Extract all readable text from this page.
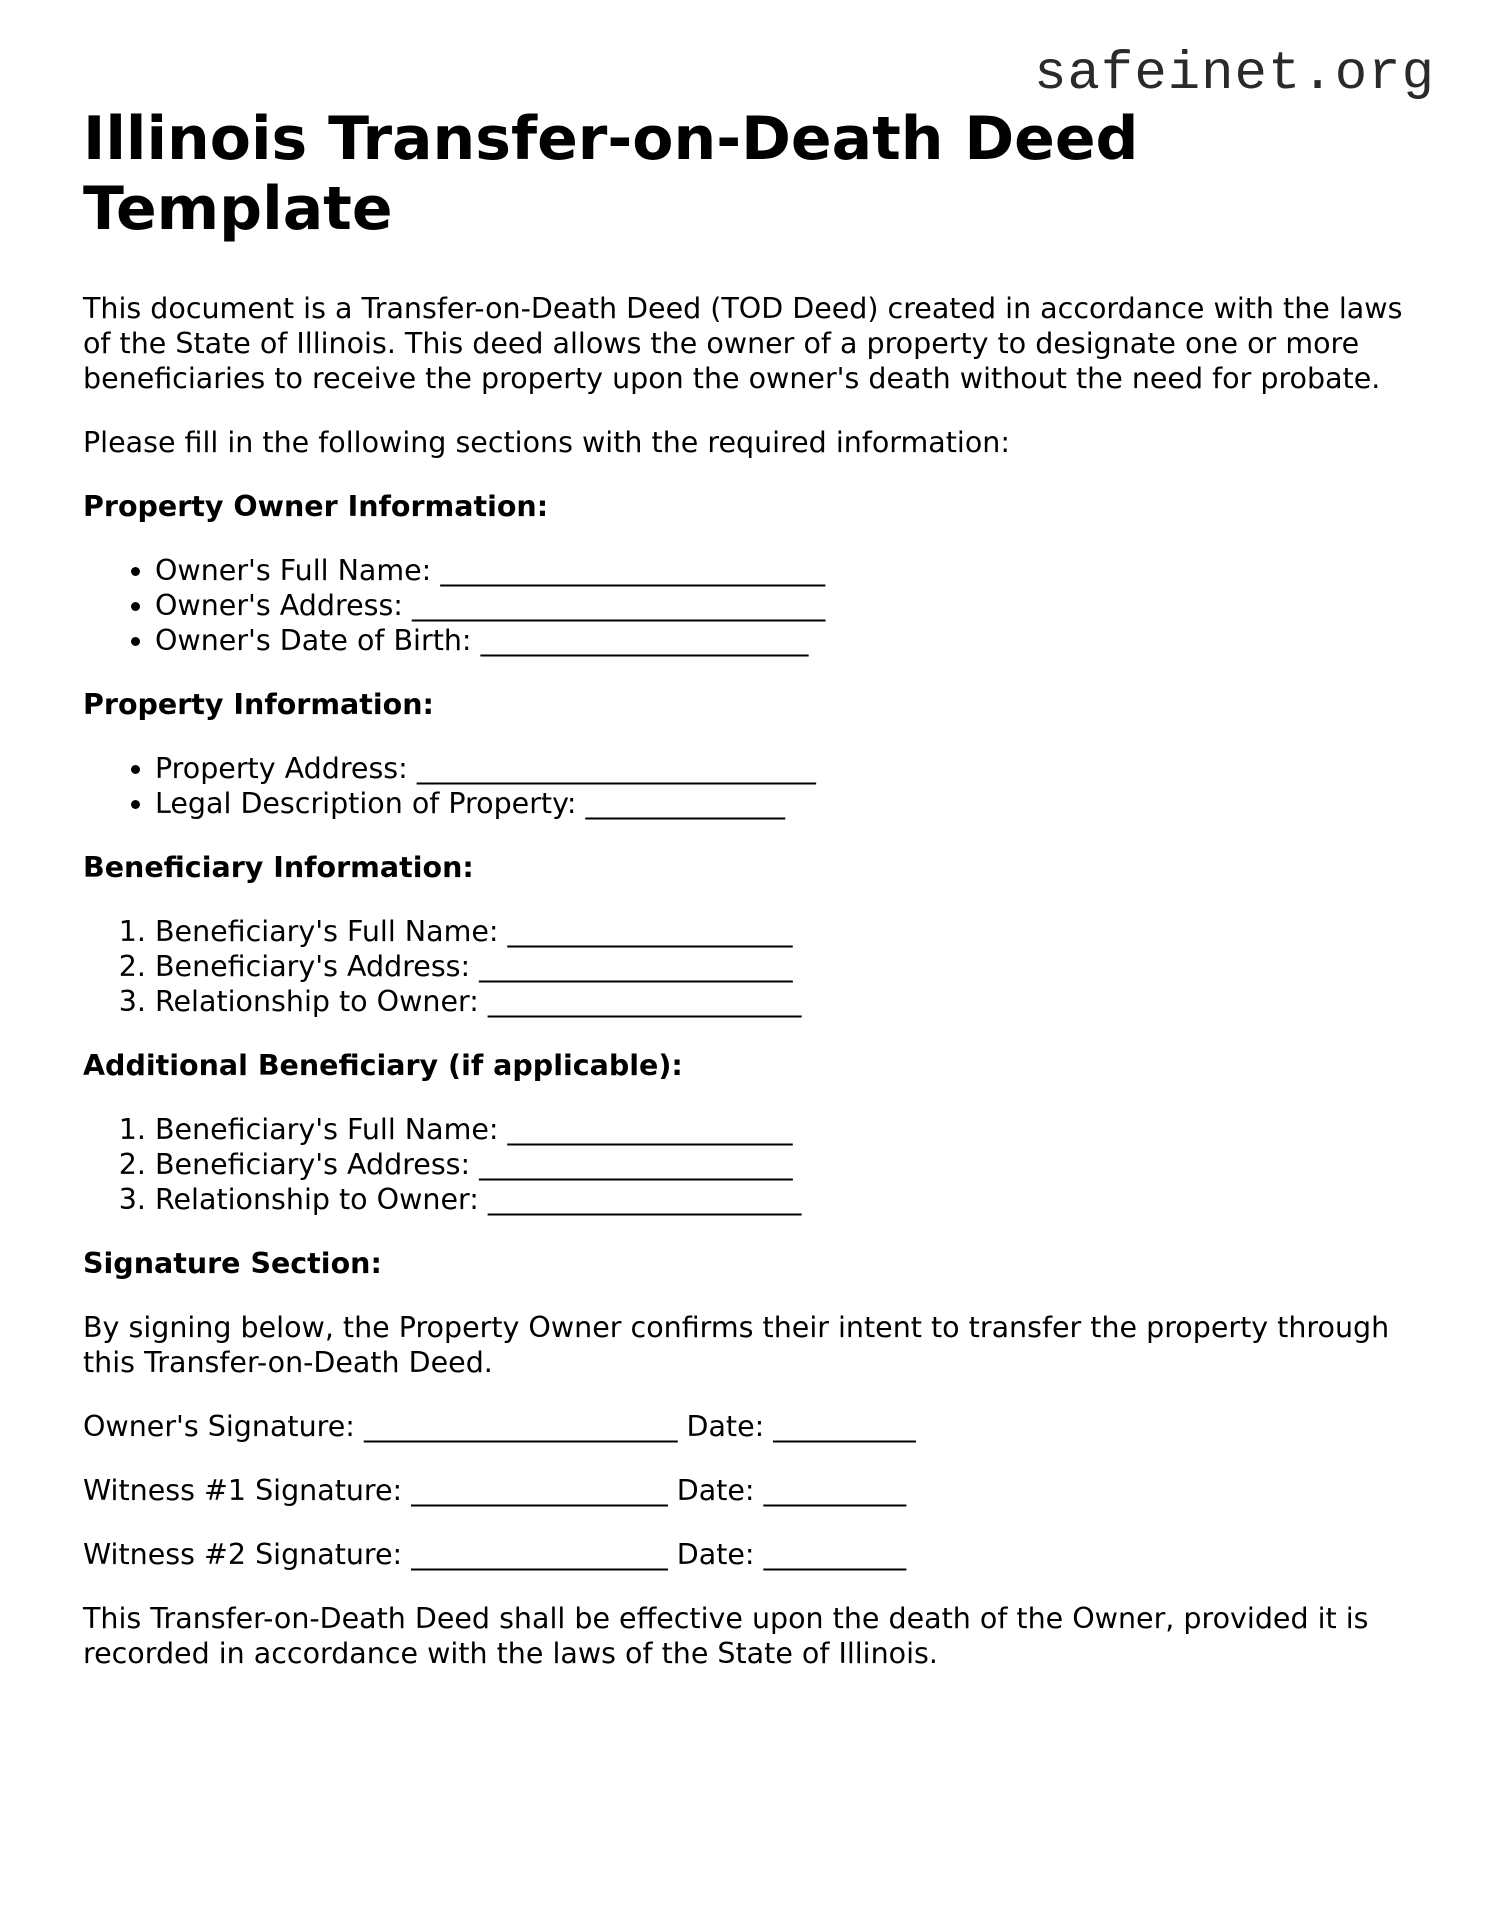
safeinet.org
Illinois Transfer-on-Death Deed Template

This document is a Transfer-on-Death Deed (TOD Deed) created in accordance with the laws of the State of Illinois. This deed allows the owner of a property to designate one or more beneficiaries to receive the property upon the owner's death without the need for probate.

Please fill in the following sections with the required information:

Property Owner Information:
• Owner's Full Name: ___________________________
• Owner's Address: _____________________________
• Owner's Date of Birth: _______________________
Property Information:
• Property Address: ____________________________
• Legal Description of Property: ______________
Beneficiary Information:
1. Beneficiary's Full Name: ____________________
2. Beneficiary's Address: ______________________
3. Relationship to Owner: ______________________
Additional Beneficiary (if applicable):
1. Beneficiary's Full Name: ____________________
2. Beneficiary's Address: ______________________
3. Relationship to Owner: ______________________
Signature Section:

By signing below, the Property Owner confirms their intent to transfer the property through this Transfer-on-Death Deed.

Owner's Signature: ______________________ Date: __________

Witness #1 Signature: __________________ Date: __________

Witness #2 Signature: __________________ Date: __________

This Transfer-on-Death Deed shall be effective upon the death of the Owner, provided it is recorded in accordance with the laws of the State of Illinois.
